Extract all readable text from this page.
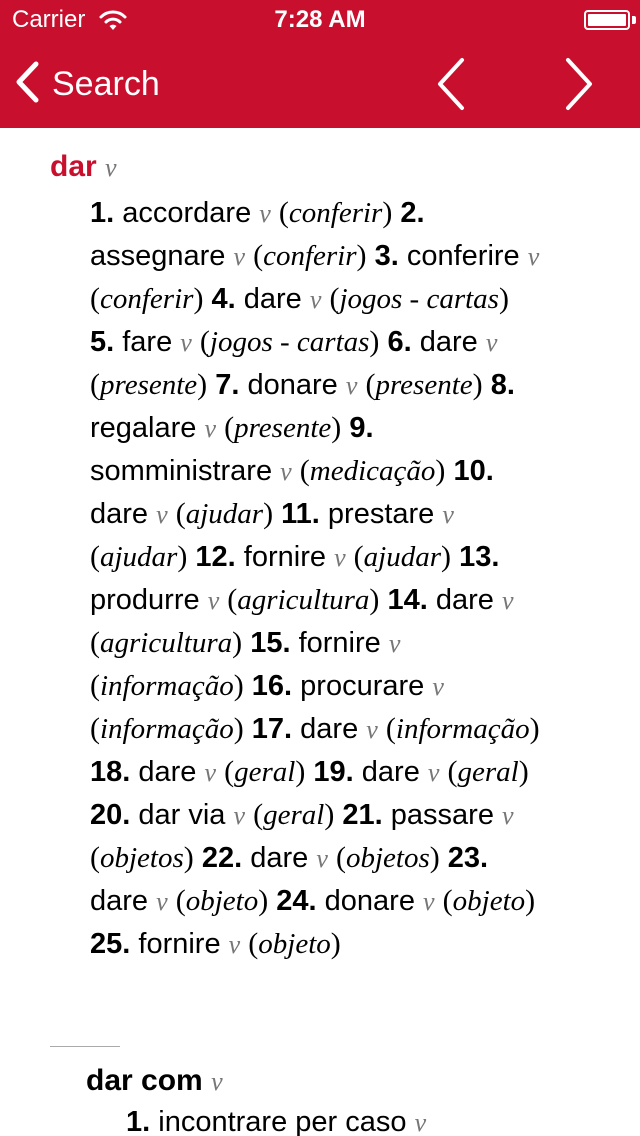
Carrier	7:28 AM
Search
dar v
1. accordare v (conferir) 2. assegnare v (conferir) 3. conferire v (conferir) 4. dare v (jogos - cartas) 5. fare v (jogos - cartas) 6. dare v (presente) 7. donare v (presente) 8. regalare v (presente) 9. somministrare v (medicação) 10. dare v (ajudar) 11. prestare v (ajudar) 12. fornire v (ajudar) 13. produrre v (agricultura) 14. dare v (agricultura) 15. fornire v (informação) 16. procurare v (informação) 17. dare v (informação) 18. dare v (geral) 19. dare v (geral) 20. dar via v (geral) 21. passare v (objetos) 22. dare v (objetos) 23. dare v (objeto) 24. donare v (objeto) 25. fornire v (objeto)
dar com v
1. incontrare per caso v
